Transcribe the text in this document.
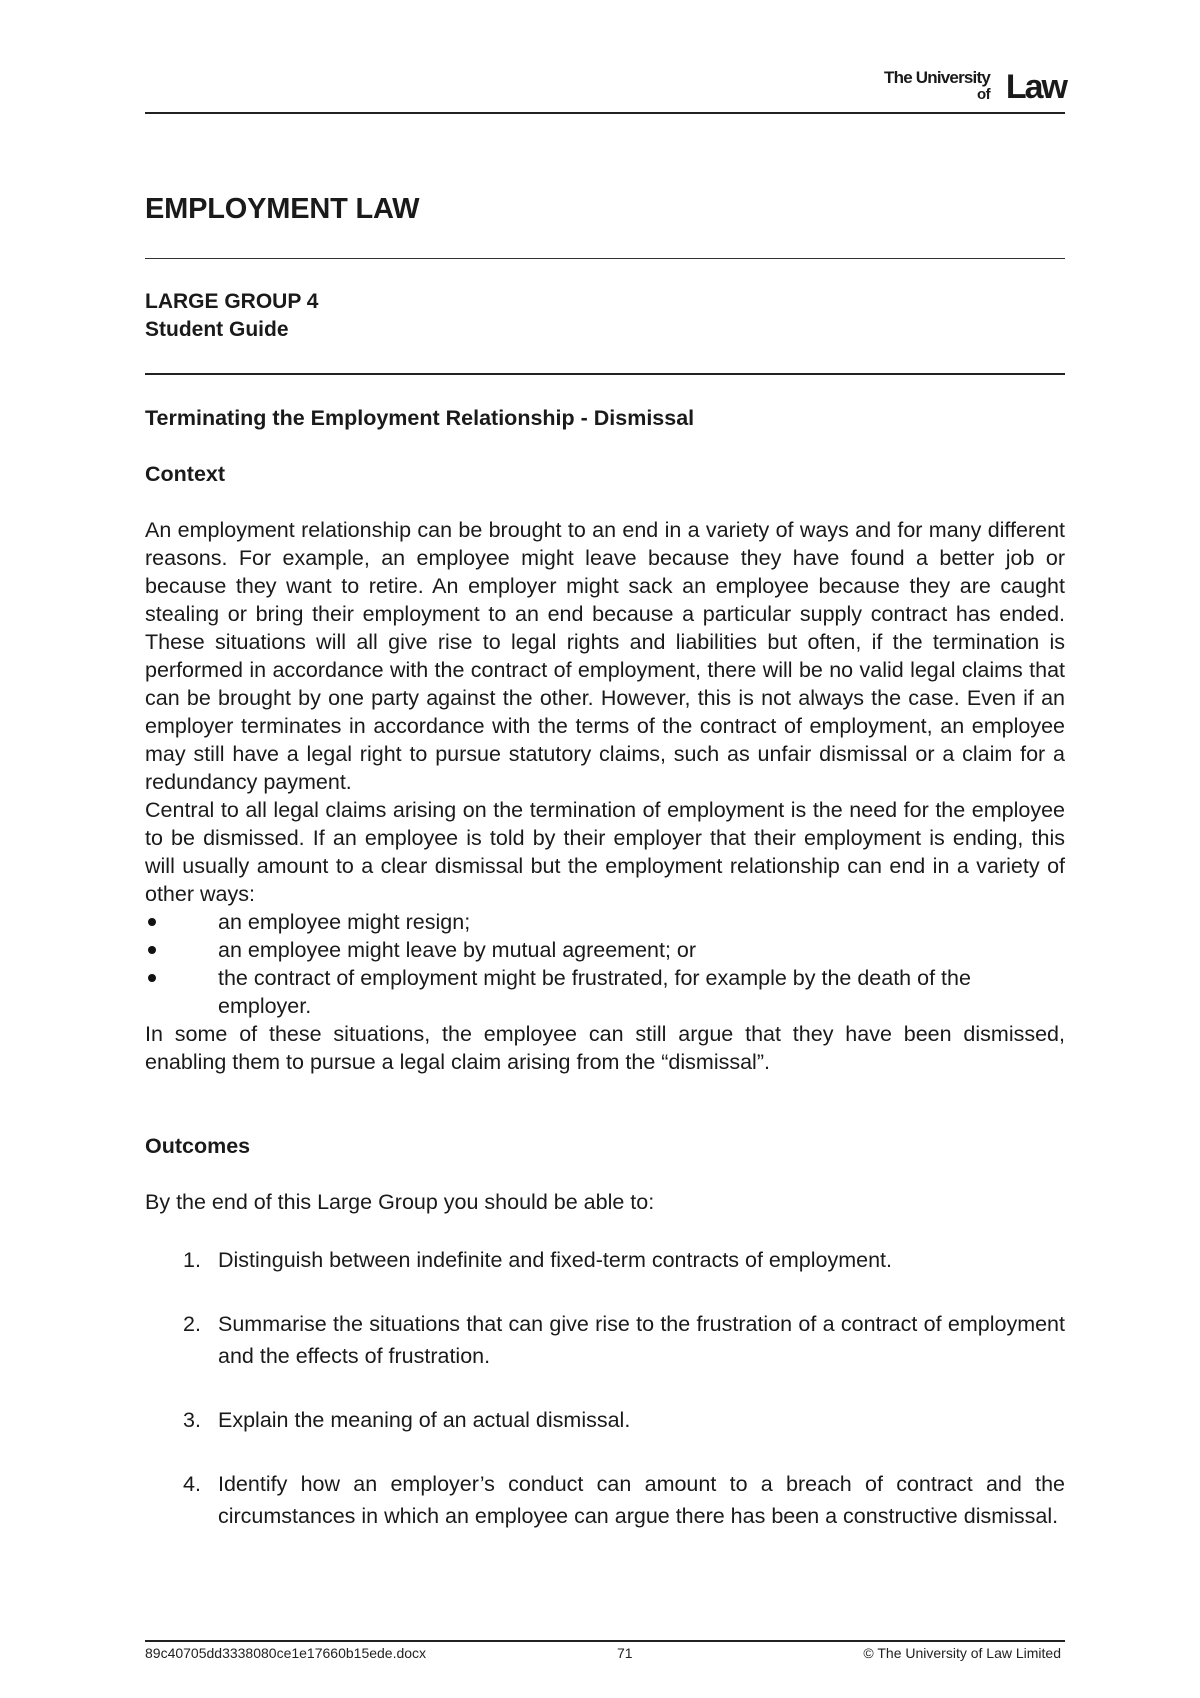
The University
of Law
EMPLOYMENT LAW
LARGE GROUP 4
Student Guide

Terminating the Employment Relationship - Dismissal

Context

An employment relationship can be brought to an end in a variety of ways and for many different reasons. For example, an employee might leave because they have found a better job or because they want to retire. An employer might sack an employee because they are caught stealing or bring their employment to an end because a particular supply contract has ended. These situations will all give rise to legal rights and liabilities but often, if the termination is performed in accordance with the contract of employment, there will be no valid legal claims that can be brought by one party against the other. However, this is not always the case. Even if an employer terminates in accordance with the terms of the contract of employment, an employee may still have a legal right to pursue statutory claims, such as unfair dismissal or a claim for a redundancy payment.

Central to all legal claims arising on the termination of employment is the need for the employee to be dismissed. If an employee is told by their employer that their employment is ending, this will usually amount to a clear dismissal but the employment relationship can end in a variety of other ways:

an employee might resign;
an employee might leave by mutual agreement; or
the contract of employment might be frustrated, for example by the death of the employer.

In some of these situations, the employee can still argue that they have been dismissed, enabling them to pursue a legal claim arising from the “dismissal”.

Outcomes

By the end of this Large Group you should be able to:

1. Distinguish between indefinite and fixed-term contracts of employment.
2. Summarise the situations that can give rise to the frustration of a contract of employment and the effects of frustration.
3. Explain the meaning of an actual dismissal.
4. Identify how an employer’s conduct can amount to a breach of contract and the circumstances in which an employee can argue there has been a constructive dismissal.
89c40705dd3338080ce1e17660b15ede.docx	71	© The University of Law Limited
